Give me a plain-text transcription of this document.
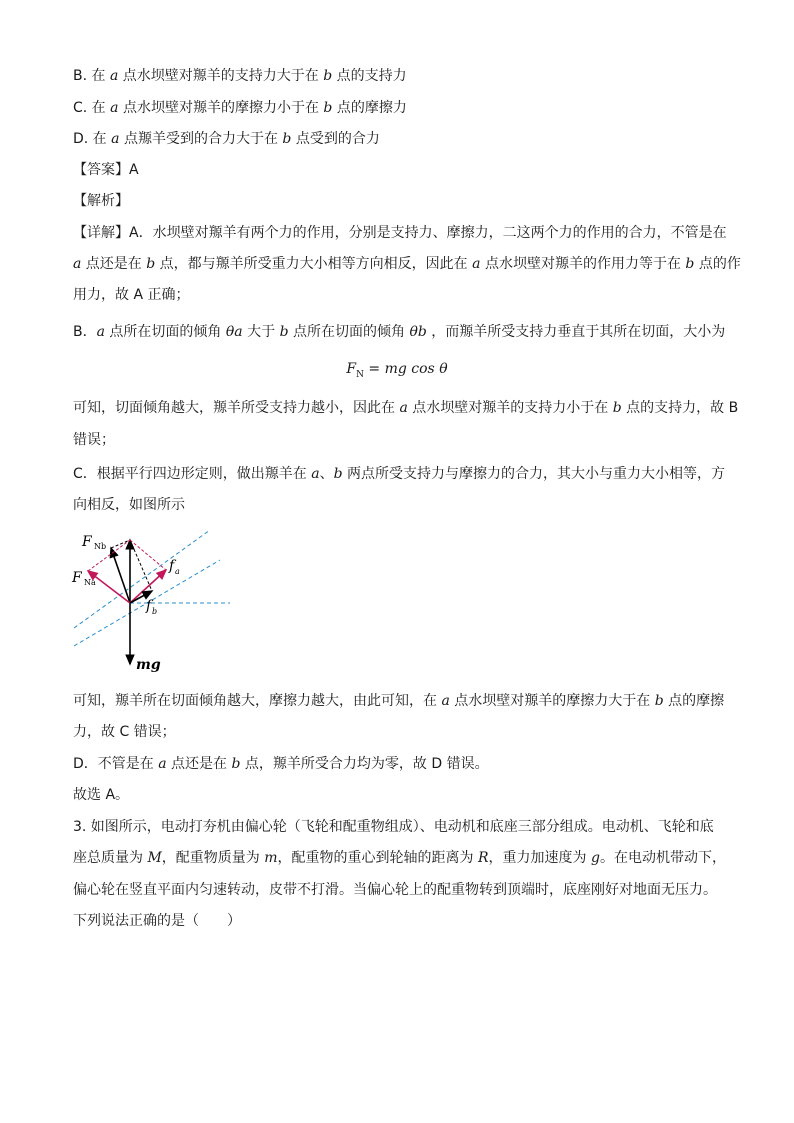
B. 在 a 点水坝壁对羱羊的支持力大于在 b 点的支持力
C. 在 a 点水坝壁对羱羊的摩擦力小于在 b 点的摩擦力
D. 在 a 点羱羊受到的合力大于在 b 点受到的合力
【答案】A
【解析】
【详解】A．水坝壁对羱羊有两个力的作用，分别是支持力、摩擦力，二这两个力的作用的合力，不管是在
a 点还是在 b 点，都与羱羊所受重力大小相等方向相反，因此在 a 点水坝壁对羱羊的作用力等于在 b 点的作
用力，故 A 正确；
B．a 点所在切面的倾角 θa 大于 b 点所在切面的倾角 θb ，而羱羊所受支持力垂直于其所在切面，大小为
$F_N$ = mg cos θ
可知，切面倾角越大，羱羊所受支持力越小，因此在 a 点水坝壁对羱羊的支持力小于在 b 点的支持力，故 B
错误；
C．根据平行四边形定则，做出羱羊在 a、b 两点所受支持力与摩擦力的合力，其大小与重力大小相等，方
向相反，如图所示
F Nb
F Na
f a
f b
mg
可知，羱羊所在切面倾角越大，摩擦力越大，由此可知，在 a 点水坝壁对羱羊的摩擦力大于在 b 点的摩擦
力，故 C 错误；
D．不管是在 a 点还是在 b 点，羱羊所受合力均为零，故 D 错误。
故选 A。
3. 如图所示，电动打夯机由偏心轮（飞轮和配重物组成）、电动机和底座三部分组成。电动机、飞轮和底
座总质量为 M，配重物质量为 m，配重物的重心到轮轴的距离为 R，重力加速度为 g。在电动机带动下，
偏心轮在竖直平面内匀速转动，皮带不打滑。当偏心轮上的配重物转到顶端时，底座刚好对地面无压力。
下列说法正确的是（　　）
